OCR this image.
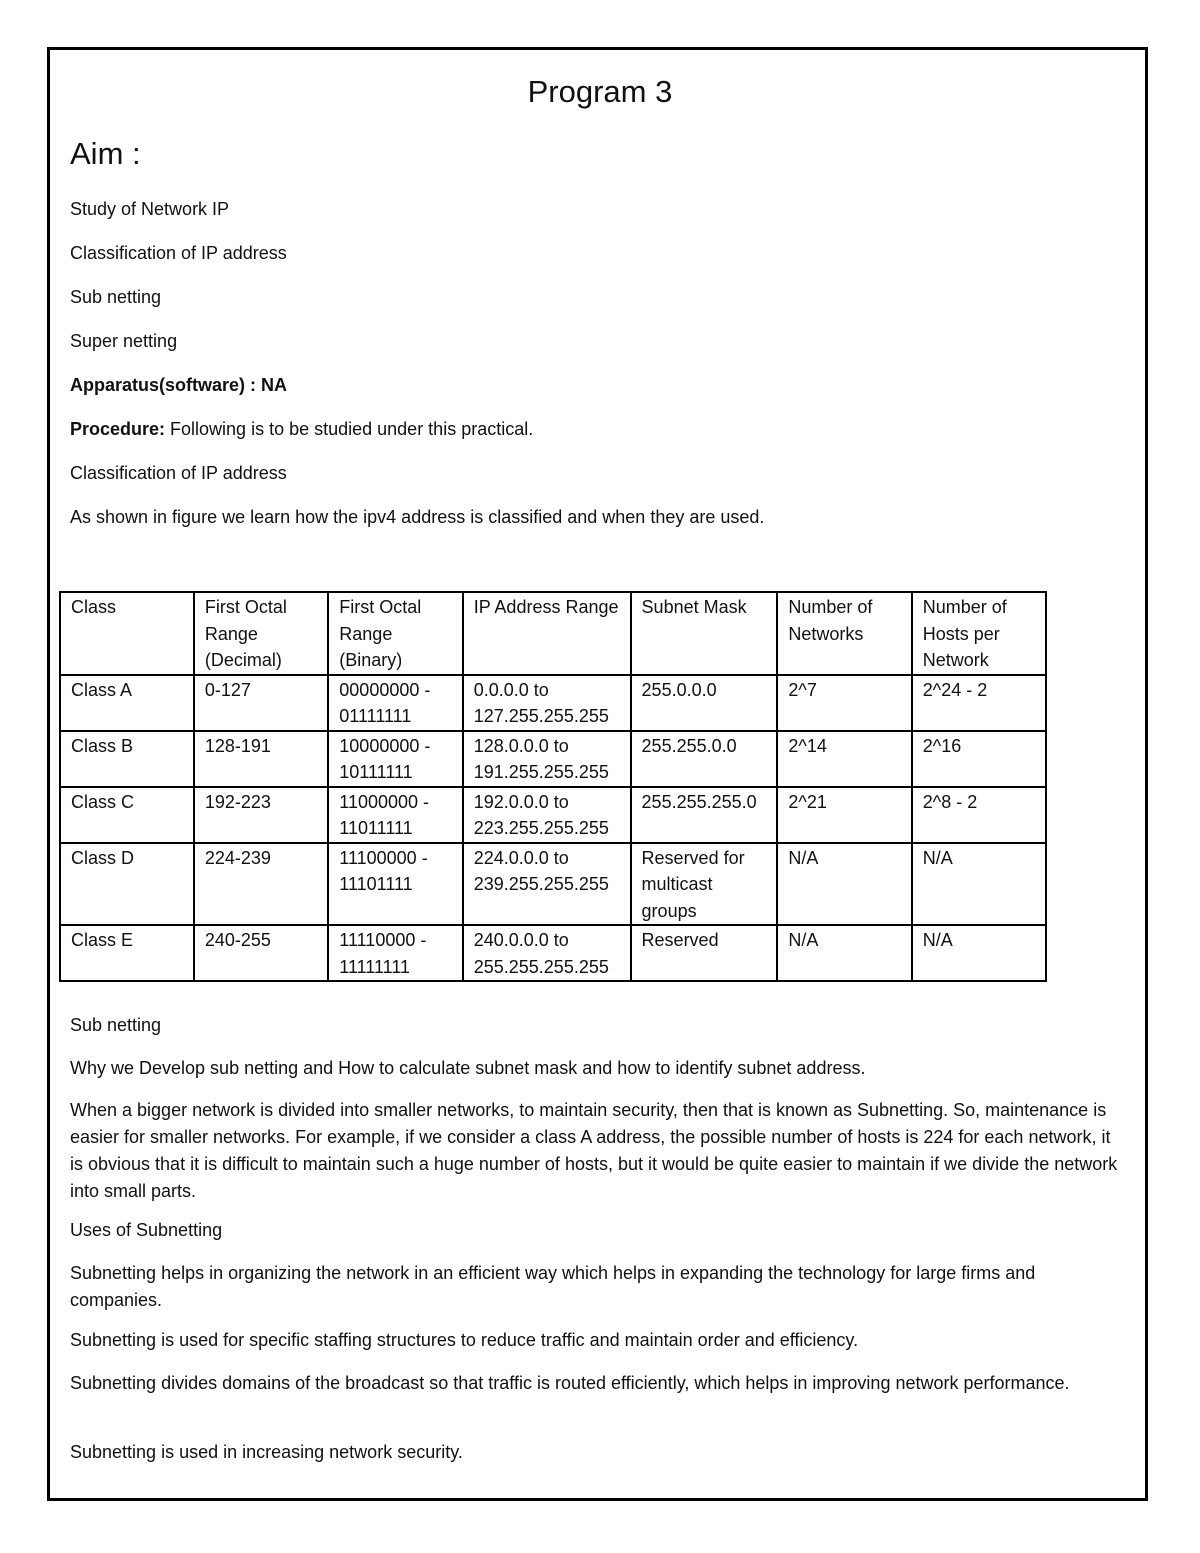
Program 3
Aim :

Study of Network IP

Classification of IP address

Sub netting

Super netting

Apparatus(software) : NA

Procedure: Following is to be studied under this practical.

Classification of IP address

As shown in figure we learn how the ipv4 address is classified and when they are used.

Class	First Octal Range (Decimal)	First Octal Range (Binary)	IP Address Range	Subnet Mask	Number of Networks	Number of Hosts per Network
Class A	0-127	00000000 - 01111111	0.0.0.0 to 127.255.255.255	255.0.0.0	2^7	2^24 - 2
Class B	128-191	10000000 - 10111111	128.0.0.0 to 191.255.255.255	255.255.0.0	2^14	2^16
Class C	192-223	11000000 - 11011111	192.0.0.0 to 223.255.255.255	255.255.255.0	2^21	2^8 - 2
Class D	224-239	11100000 - 11101111	224.0.0.0 to 239.255.255.255	Reserved for multicast groups	N/A	N/A
Class E	240-255	11110000 - 11111111	240.0.0.0 to 255.255.255.255	Reserved	N/A	N/A

Sub netting

Why we Develop sub netting and How to calculate subnet mask and how to identify subnet address.

When a bigger network is divided into smaller networks, to maintain security, then that is known as Subnetting. So, maintenance is easier for smaller networks. For example, if we consider a class A address, the possible number of hosts is 224 for each network, it is obvious that it is difficult to maintain such a huge number of hosts, but it would be quite easier to maintain if we divide the network into small parts.

Uses of Subnetting

Subnetting helps in organizing the network in an efficient way which helps in expanding the technology for large firms and companies.

Subnetting is used for specific staffing structures to reduce traffic and maintain order and efficiency.

Subnetting divides domains of the broadcast so that traffic is routed efficiently, which helps in improving network performance.

Subnetting is used in increasing network security.
